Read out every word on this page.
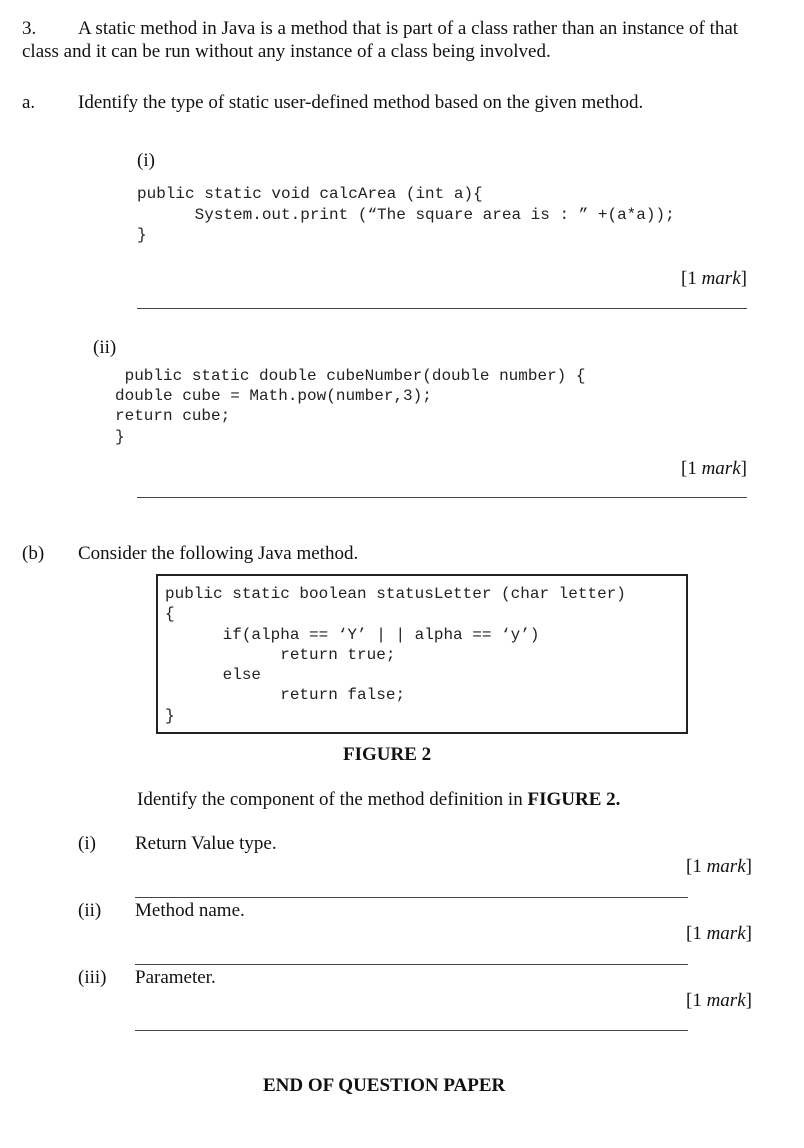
3. A static method in Java is a method that is part of a class rather than an instance of that
class and it can be run without any instance of a class being involved.
a. Identify the type of static user-defined method based on the given method.
(i)
public static void calcArea (int a){
System.out.print (“The square area is : ” +(a*a));
}
[1 mark]
(ii)
public static double cubeNumber(double number) {
double cube = Math.pow(number,3);
return cube;
}
[1 mark]
(b) Consider the following Java method.
public static boolean statusLetter (char letter)
{
if(alpha == ‘Y’ | | alpha == ‘y’)
return true;
else
return false;
}
FIGURE 2
Identify the component of the method definition in FIGURE 2.
(i) Return Value type.
[1 mark]
(ii) Method name.
[1 mark]
(iii) Parameter.
[1 mark]
END OF QUESTION PAPER
